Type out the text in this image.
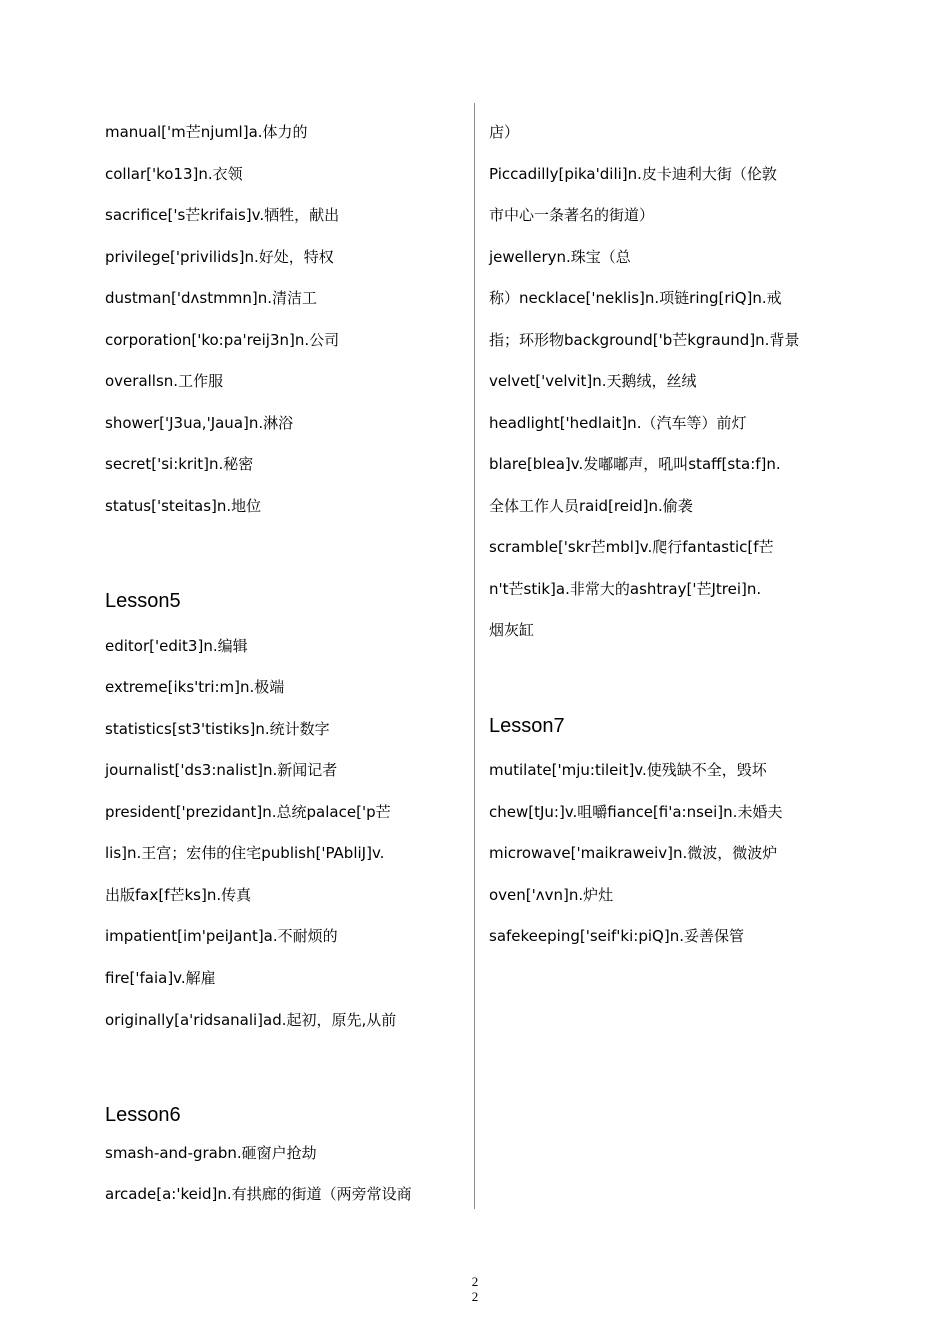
manual['m芒njuml]a.体力的
collar['ko13]n.衣领
sacrifice['s芒krifais]v.牺牲，献出
privilege['privilids]n.好处，特权
dustman['dʌstmmn]n.清洁工
corporation['ko:pa'reij3n]n.公司
overallsn.工作服
shower['J3ua,'Jaua]n.淋浴
secret['si:krit]n.秘密
status['steitas]n.地位
Lesson5
editor['edit3]n.编辑
extreme[iks'tri:m]n.极端
statistics[st3'tistiks]n.统计数字
journalist['ds3:nalist]n.新闻记者
president['prezidant]n.总统palace['p芒
lis]n.王宫；宏伟的住宅publish['PAbliJ]v.
出版fax[f芒ks]n.传真
impatient[im'peiJant]a.不耐烦的
fire['faia]v.解雇
originally[a'ridsanali]ad.起初，原先,从前
Lesson6
smash-and-grabn.砸窗户抢劫
arcade[a:'keid]n.有拱廊的街道（两旁常设商
店）
Piccadilly[pika'dili]n.皮卡迪利大街（伦敦
市中心一条著名的街道）
jewelleryn.珠宝（总
称）necklace['neklis]n.项链ring[riQ]n.戒
指；环形物background['b芒kgraund]n.背景
velvet['velvit]n.天鹅绒，丝绒
headlight['hedlait]n.（汽车等）前灯
blare[blea]v.发嘟嘟声，吼叫staff[sta:f]n.
全体工作人员raid[reid]n.偷袭
scramble['skr芒mbl]v.爬行fantastic[f芒
n't芒stik]a.非常大的ashtray['芒Jtrei]n.
烟灰缸
Lesson7
mutilate['mju:tileit]v.使残缺不全，毁坏
chew[tJu:]v.咀嚼fiance[fi'a:nsei]n.未婚夫
microwave['maikraweiv]n.微波，微波炉
oven['ʌvn]n.炉灶
safekeeping['seif'ki:piQ]n.妥善保管
2
2
